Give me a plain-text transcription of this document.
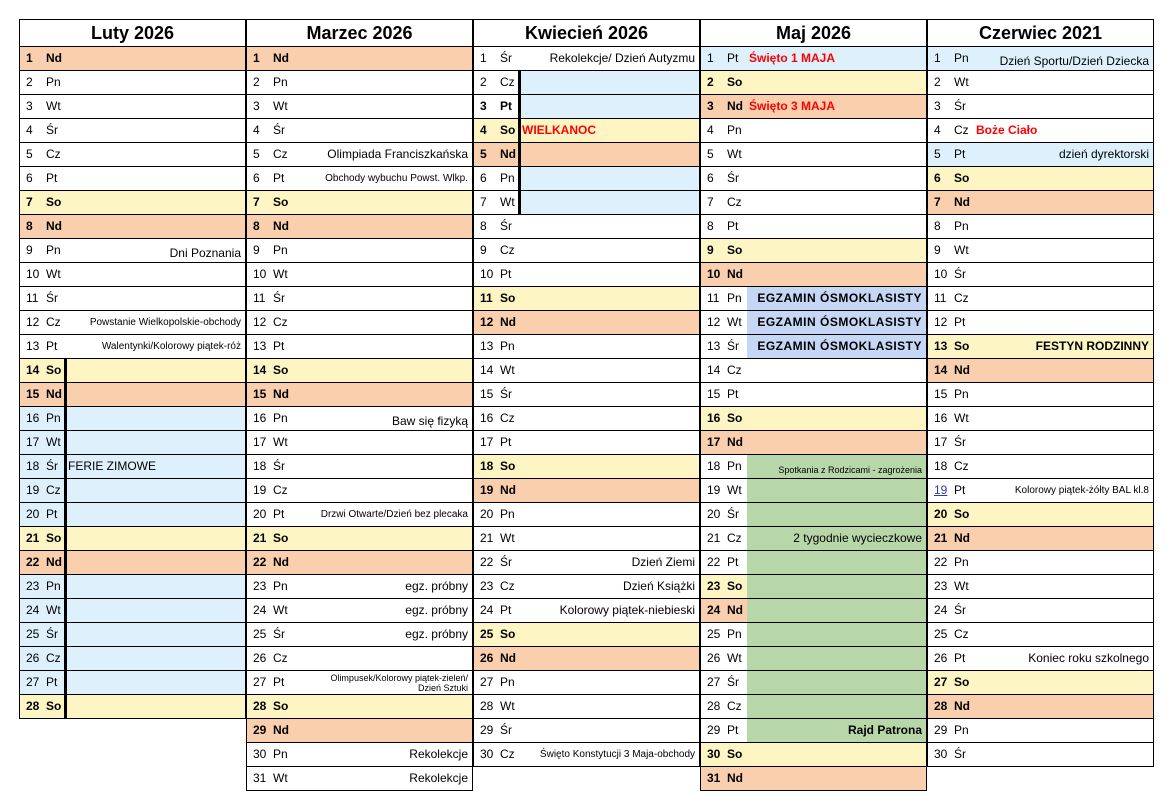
Luty 2026
1 Nd
2 Pn
3 Wt
4 Śr
5 Cz
6 Pt
7 So
8 Nd
9 Pn	Dni Poznania
10 Wt
11 Śr
12 Cz	Powstanie Wielkopolskie-obchody
13 Pt	Walentynki/Kolorowy piątek-róż
14 So
15 Nd
16 Pn
17 Wt
18 Śr FERIE ZIMOWE
19 Cz
20 Pt
21 So
22 Nd
23 Pn
24 Wt
25 Śr
26 Cz
27 Pt
28 So
Marzec 2026
1 Nd
2 Pn
3 Wt
4 Śr
5 Cz	Olimpiada Franciszkańska
6 Pt	Obchody wybuchu Powst. Wlkp.
7 So
8 Nd
9 Pn
10 Wt
11 Śr
12 Cz
13 Pt
14 So
15 Nd
16 Pn	Baw się fizyką
17 Wt
18 Śr
19 Cz
20 Pt	Drzwi Otwarte/Dzień bez plecaka
21 So
22 Nd
23 Pn	egz. próbny
24 Wt	egz. próbny
25 Śr	egz. próbny
26 Cz
27 Pt	Olimpusek/Kolorowy piątek-zieleń/ Dzień Sztuki
28 So
29 Nd
30 Pn	Rekolekcje
31 Wt	Rekolekcje
Kwiecień 2026
1 Śr	Rekolekcje/ Dzień Autyzmu
2 Cz
3 Pt
4 So WIELKANOC
5 Nd
6 Pn
7 Wt
8 Śr
9 Cz
10 Pt
11 So
12 Nd
13 Pn
14 Wt
15 Śr
16 Cz
17 Pt
18 So
19 Nd
20 Pn
21 Wt
22 Śr	Dzień Ziemi
23 Cz	Dzień Książki
24 Pt	Kolorowy piątek-niebieski
25 So
26 Nd
27 Pn
28 Wt
29 Śr
30 Cz	Święto Konstytucji 3 Maja-obchody
Maj 2026
1 Pt Święto 1 MAJA
2 So
3 Nd Święto 3 MAJA
4 Pn
5 Wt
6 Śr
7 Cz
8 Pt
9 So
10 Nd
11 Pn EGZAMIN ÓSMOKLASISTY
12 Wt EGZAMIN ÓSMOKLASISTY
13 Śr EGZAMIN ÓSMOKLASISTY
14 Cz
15 Pt
16 So
17 Nd
18 Pn	Spotkania z Rodzicami - zagrożenia
19 Wt
20 Śr
21 Cz	2 tygodnie wycieczkowe
22 Pt
23 So
24 Nd
25 Pn
26 Wt
27 Śr
28 Cz
29 Pt	Rajd Patrona
30 So
31 Nd
Czerwiec 2021
1 Pn	Dzień Sportu/Dzień Dziecka
2 Wt
3 Śr
4 Cz Boże Ciało
5 Pt	dzień dyrektorski
6 So
7 Nd
8 Pn
9 Wt
10 Śr
11 Cz
12 Pt
13 So	FESTYN RODZINNY
14 Nd
15 Pn
16 Wt
17 Śr
18 Cz
19 Pt	Kolorowy piątek-żółty BAL kl.8
20 So
21 Nd
22 Pn
23 Wt
24 Śr
25 Cz
26 Pt	Koniec roku szkolnego
27 So
28 Nd
29 Pn
30 Śr
